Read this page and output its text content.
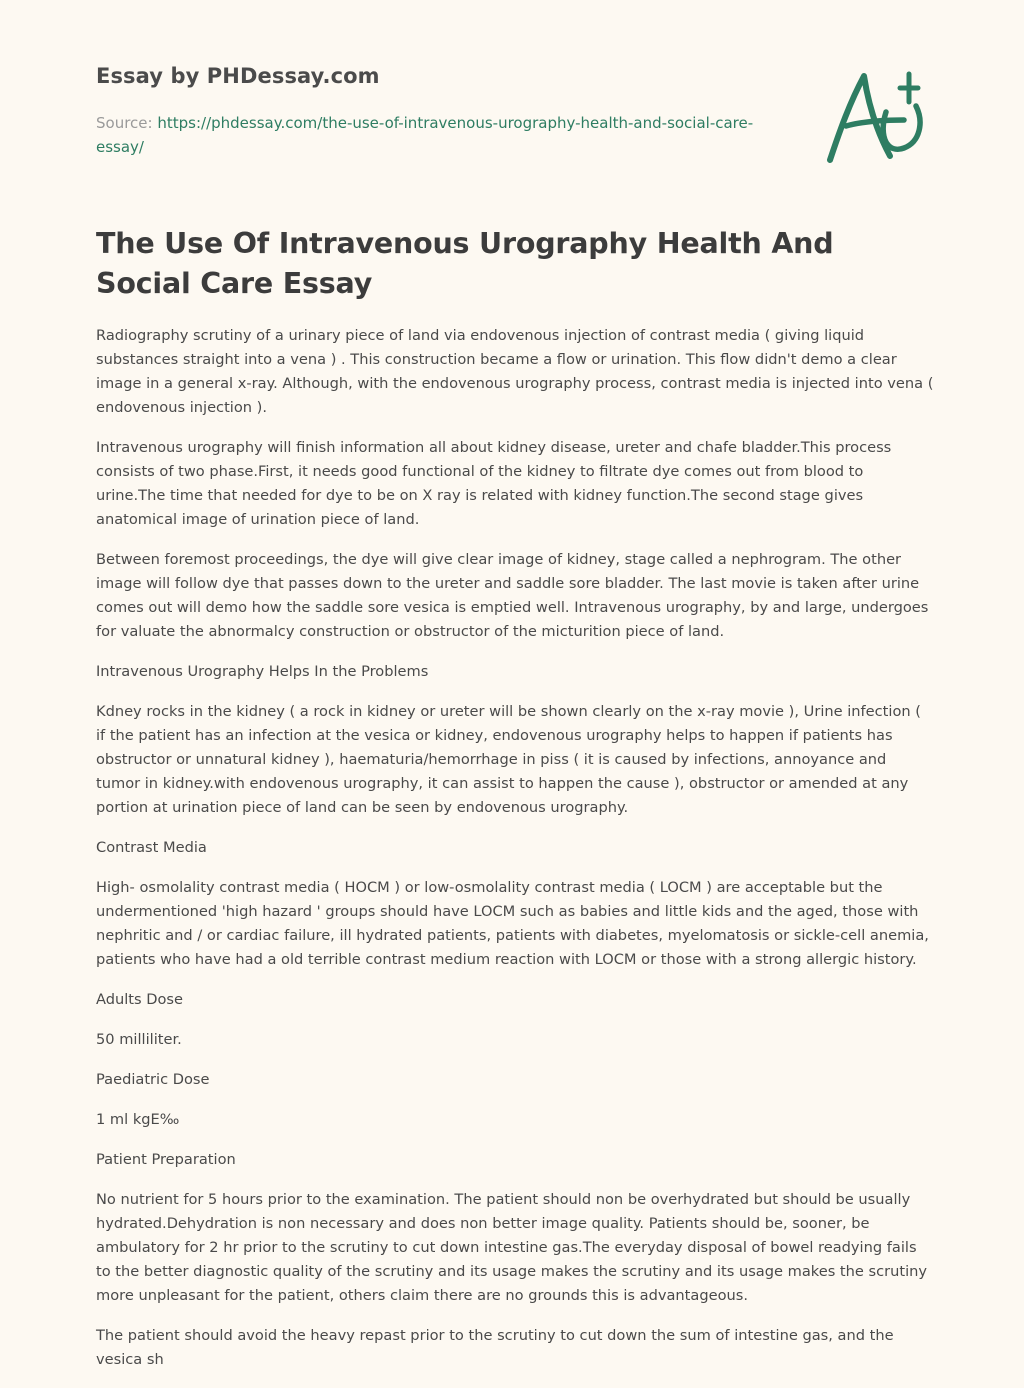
Essay by PHDessay.com

Source: https://phdessay.com/the-use-of-intravenous-urography-health-and-social-care-essay/

The Use Of Intravenous Urography Health And Social Care Essay

Radiography scrutiny of a urinary piece of land via endovenous injection of contrast media ( giving liquid substances straight into a vena ) . This construction became a flow or urination. This flow didn't demo a clear image in a general x-ray. Although, with the endovenous urography process, contrast media is injected into vena ( endovenous injection ).

Intravenous urography will finish information all about kidney disease, ureter and chafe bladder.This process consists of two phase.First, it needs good functional of the kidney to filtrate dye comes out from blood to urine.The time that needed for dye to be on X ray is related with kidney function.The second stage gives anatomical image of urination piece of land.

Between foremost proceedings, the dye will give clear image of kidney, stage called a nephrogram. The other image will follow dye that passes down to the ureter and saddle sore bladder. The last movie is taken after urine comes out will demo how the saddle sore vesica is emptied well. Intravenous urography, by and large, undergoes for valuate the abnormalcy construction or obstructor of the micturition piece of land.

Intravenous Urography Helps In the Problems

Kdney rocks in the kidney ( a rock in kidney or ureter will be shown clearly on the x-ray movie ), Urine infection ( if the patient has an infection at the vesica or kidney, endovenous urography helps to happen if patients has obstructor or unnatural kidney ), haematuria/hemorrhage in piss ( it is caused by infections, annoyance and tumor in kidney.with endovenous urography, it can assist to happen the cause ), obstructor or amended at any portion at urination piece of land can be seen by endovenous urography.

Contrast Media

High- osmolality contrast media ( HOCM ) or low-osmolality contrast media ( LOCM ) are acceptable but the undermentioned 'high hazard ' groups should have LOCM such as babies and little kids and the aged, those with nephritic and / or cardiac failure, ill hydrated patients, patients with diabetes, myelomatosis or sickle-cell anemia, patients who have had a old terrible contrast medium reaction with LOCM or those with a strong allergic history.

Adults Dose

50 milliliter.

Paediatric Dose

1 ml kgE‰

Patient Preparation

No nutrient for 5 hours prior to the examination. The patient should non be overhydrated but should be usually hydrated.Dehydration is non necessary and does non better image quality. Patients should be, sooner, be ambulatory for 2 hr prior to the scrutiny to cut down intestine gas.The everyday disposal of bowel readying fails to the better diagnostic quality of the scrutiny and its usage makes the scrutiny and its usage makes the scrutiny more unpleasant for the patient, others claim there are no grounds this is advantageous.

The patient should avoid the heavy repast prior to the scrutiny to cut down the sum of intestine gas, and the vesica sh
